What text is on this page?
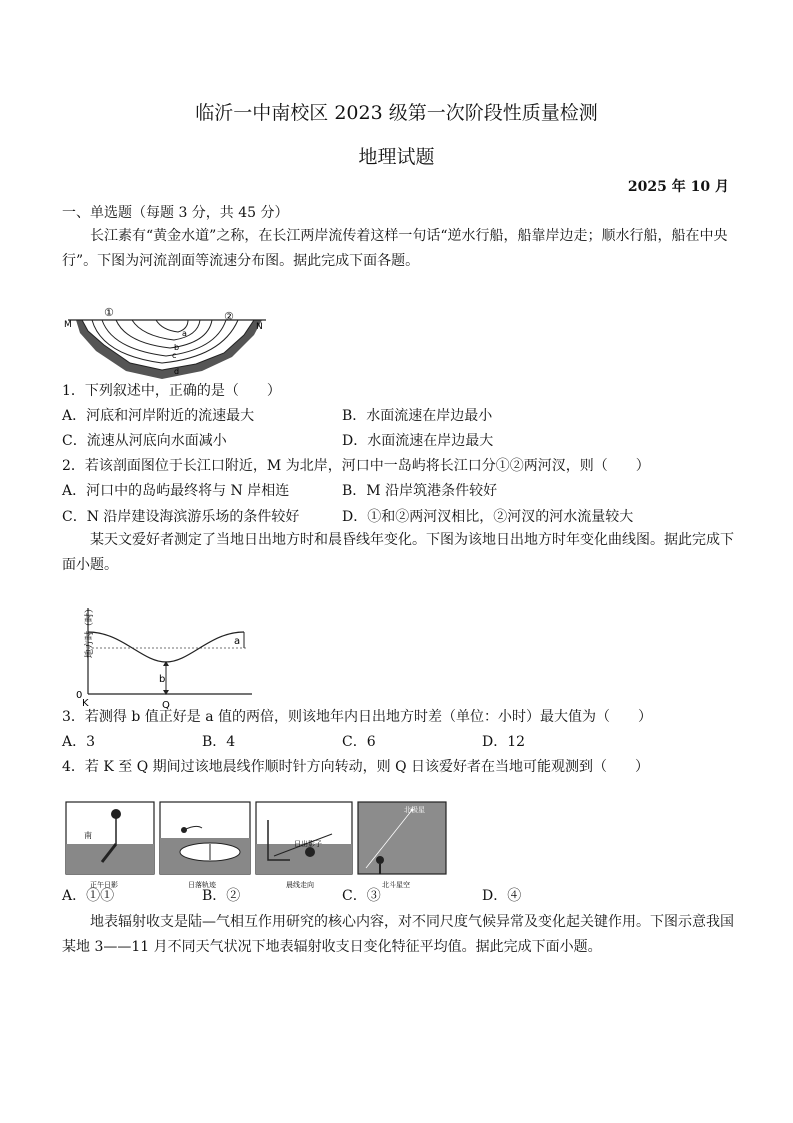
临沂一中南校区 2023 级第一次阶段性质量检测
地理试题
2025 年 10 月
一、单选题（每题 3 分，共 45 分）
长江素有“黄金水道”之称，在长江两岸流传着这样一句话“逆水行船，船靠岸边走；顺水行船，船在中央行”。下图为河流剖面等流速分布图。据此完成下面各题。
M	N
①	②
a
b
c
d
1．下列叙述中，正确的是（　　）
A．河底和河岸附近的流速最大	B．水面流速在岸边最小
C．流速从河底向水面减小	D．水面流速在岸边最大
2．若该剖面图位于长江口附近，M 为北岸，河口中一岛屿将长江口分①②两河汊，则（　　）
A．河口中的岛屿最终将与 N 岸相连	B．M 沿岸筑港条件较好
C．N 沿岸建设海滨游乐场的条件较好	D．①和②两河汊相比，②河汊的河水流量较大
某天文爱好者测定了当地日出地方时和晨昏线年变化。下图为该地日出地方时年变化曲线图。据此完成下面小题。
地方时（时）
0
K	Q
b
a
3．若测得 b 值正好是 a 值的两倍，则该地年内日出地方时差（单位：小时）最大值为（　　）
A．3	B．4	C．6	D．12
4．若 K 至 Q 期间过该地晨线作顺时针方向转动，则 Q 日该爱好者在当地可能观测到（　　）
南
正午日影	日落轨迹
日出影子
晨线走向
北极星
北斗星空
A．①①	B．②	C．③	D．④
地表辐射收支是陆—气相互作用研究的核心内容，对不同尺度气候异常及变化起关键作用。下图示意我国某地 3——11 月不同天气状况下地表辐射收支日变化特征平均值。据此完成下面小题。
